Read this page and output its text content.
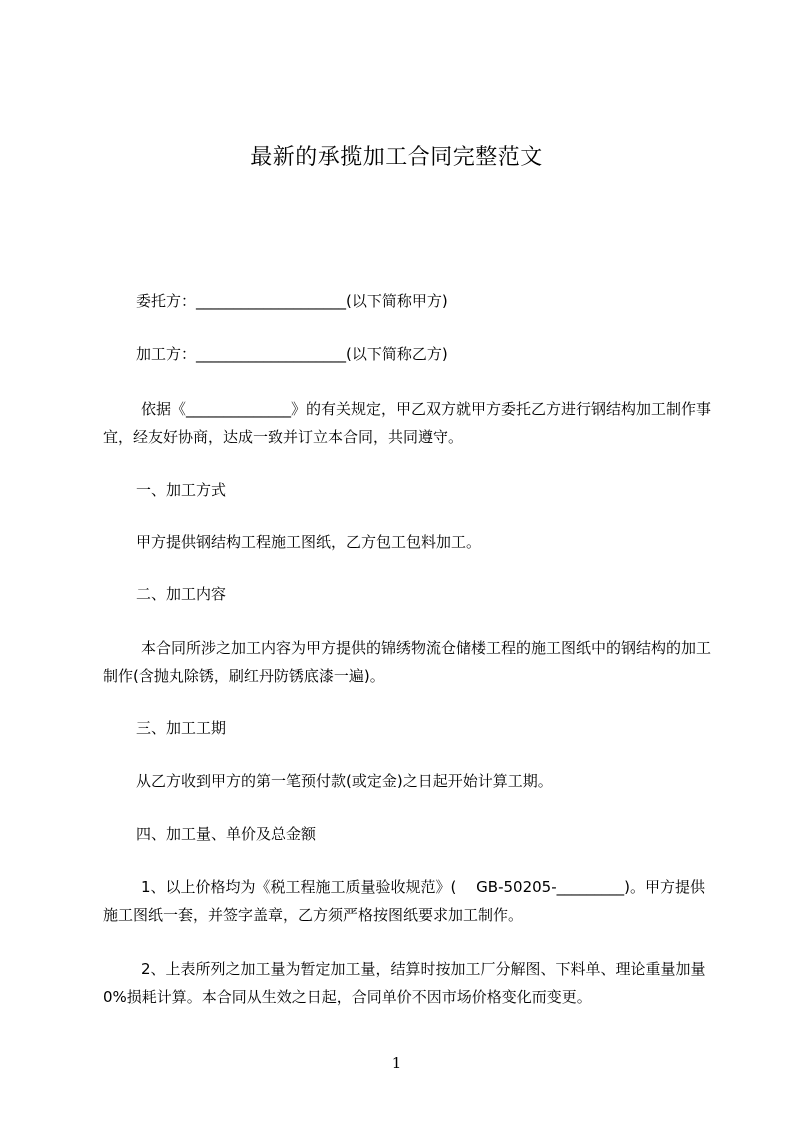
最新的承揽加工合同完整范文
委托方：____________________(以下简称甲方)
加工方：____________________(以下简称乙方)
依据《______________》的有关规定，甲乙双方就甲方委托乙方进行钢结构加工制作事宜，经友好协商，达成一致并订立本合同，共同遵守。
一、加工方式
甲方提供钢结构工程施工图纸，乙方包工包料加工。
二、加工内容
本合同所涉之加工内容为甲方提供的锦绣物流仓储楼工程的施工图纸中的钢结构的加工制作(含抛丸除锈，刷红丹防锈底漆一遍)。
三、加工工期
从乙方收到甲方的第一笔预付款(或定金)之日起开始计算工期。
四、加工量、单价及总金额
1、以上价格均为《税工程施工质量验收规范》(　 GB-50205-_________)。甲方提供施工图纸一套，并签字盖章，乙方须严格按图纸要求加工制作。
2、上表所列之加工量为暂定加工量，结算时按加工厂分解图、下料单、理论重量加量 0%损耗计算。本合同从生效之日起，合同单价不因市场价格变化而变更。
1
